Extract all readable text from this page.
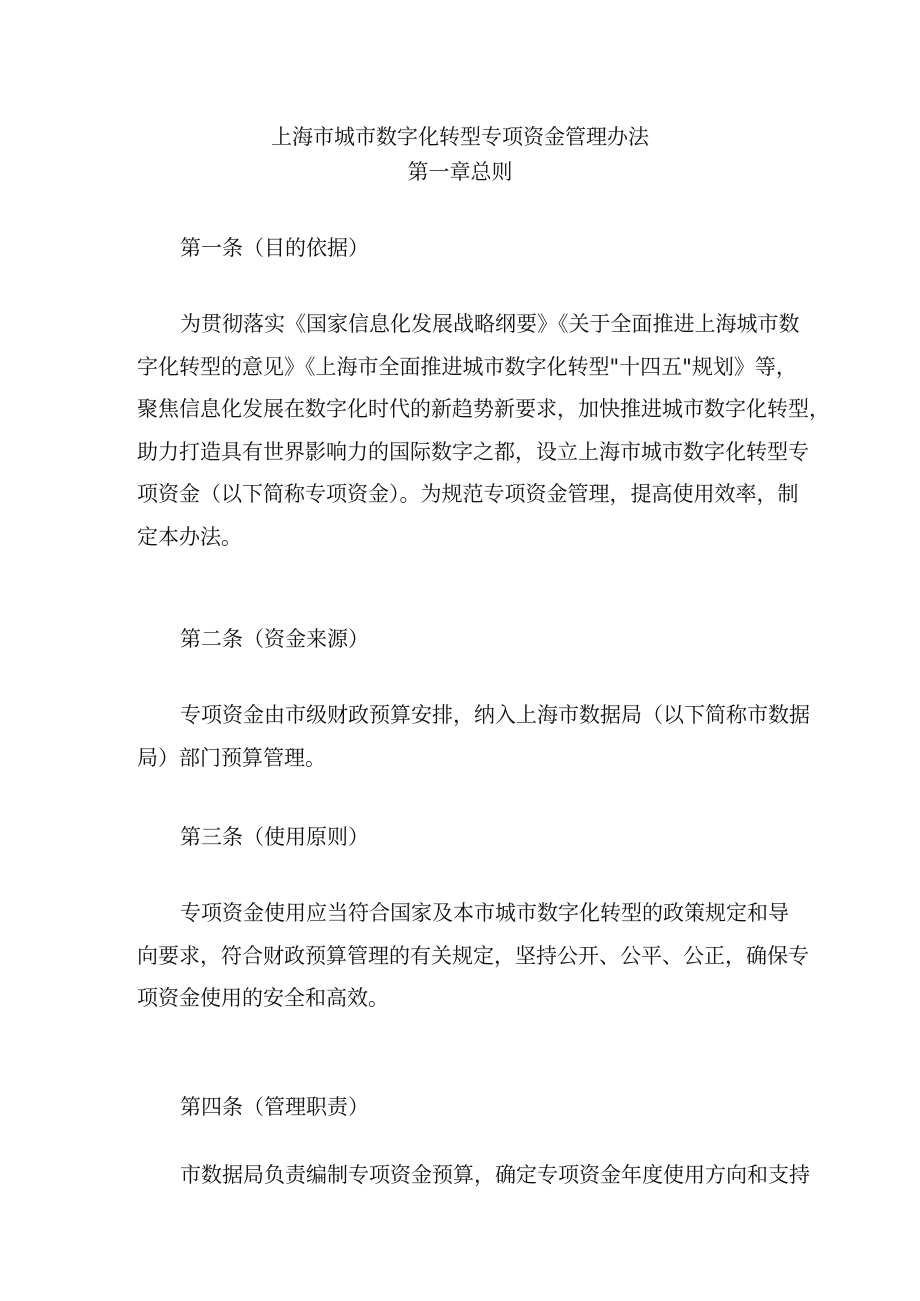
上海市城市数字化转型专项资金管理办法
第一章总则
第一条（目的依据）
为贯彻落实《国家信息化发展战略纲要》《关于全面推进上海城市数
字化转型的意见》《上海市全面推进城市数字化转型"十四五"规划》等，
聚焦信息化发展在数字化时代的新趋势新要求，加快推进城市数字化转型，
助力打造具有世界影响力的国际数字之都，设立上海市城市数字化转型专
项资金（以下简称专项资金）。为规范专项资金管理，提高使用效率，制
定本办法。
第二条（资金来源）
专项资金由市级财政预算安排，纳入上海市数据局（以下简称市数据
局）部门预算管理。
第三条（使用原则）
专项资金使用应当符合国家及本市城市数字化转型的政策规定和导
向要求，符合财政预算管理的有关规定，坚持公开、公平、公正，确保专
项资金使用的安全和高效。
第四条（管理职责）
市数据局负责编制专项资金预算，确定专项资金年度使用方向和支持
